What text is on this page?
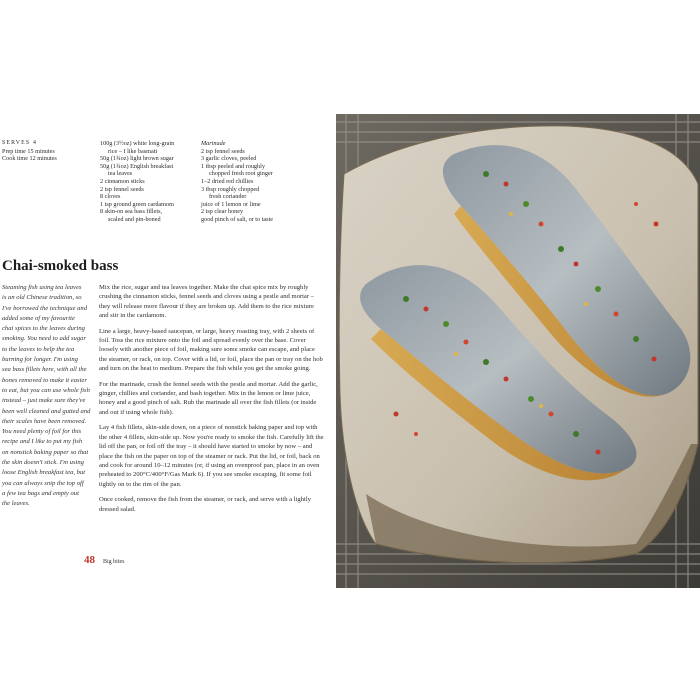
SERVES 4
Prep time 15 minutes
Cook time 12 minutes
100g (3½oz) white long-grain
rice – I like basmati
50g (1¾oz) light brown sugar
50g (1¾oz) English breakfast
tea leaves
2 cinnamon sticks
2 tsp fennel seeds
8 cloves
1 tsp ground green cardamom
8 skin-on sea bass fillets,
scaled and pin-boned
Marinade
2 tsp fennel seeds
3 garlic cloves, peeled
1 tbsp peeled and roughly
chopped fresh root ginger
1–2 dried red chillies
3 tbsp roughly chopped
fresh coriander
juice of 1 lemon or lime
2 tsp clear honey
good pinch of salt, or to taste
Chai-smoked bass
Steaming fish using tea leaves
is an old Chinese tradition, so
I've borrowed the technique and
added some of my favourite
chai spices to the leaves during
smoking. You need to add sugar
to the leaves to help the tea
burning for longer. I'm using
sea bass fillets here, with all the
bones removed to make it easier
to eat, but you can use whole fish
instead – just make sure they've
been well cleaned and gutted and
their scales have been removed.
You need plenty of foil for this
recipe and I like to put my fish
on nonstick baking paper so that
the skin doesn't stick. I'm using
loose English breakfast tea, but
you can always snip the top off
a few tea bags and empty out
the leaves.

Mix the rice, sugar and tea leaves together. Make the chai spice mix by roughly crushing the cinnamon sticks, fennel seeds and cloves using a pestle and mortar – they will release more flavour if they are broken up. Add them to the rice mixture and stir in the cardamom.

Line a large, heavy-based saucepan, or large, heavy roasting tray, with 2 sheets of foil. Toss the rice mixture onto the foil and spread evenly over the base. Cover loosely with another piece of foil, making sure some smoke can escape, and place the steamer, or rack, on top. Cover with a lid, or foil, place the pan or tray on the hob and turn on the heat to medium. Prepare the fish while you get the smoke going.

For the marinade, crush the fennel seeds with the pestle and mortar. Add the garlic, ginger, chillies and coriander, and bash together. Mix in the lemon or lime juice, honey and a good pinch of salt. Rub the marinade all over the fish fillets (or inside and out if using whole fish).

Lay 4 fish fillets, skin-side down, on a piece of nonstick baking paper and top with the other 4 fillets, skin-side up. Now you're ready to smoke the fish. Carefully lift the lid off the pan, or foil off the tray – it should have started to smoke by now – and place the fish on the paper on top of the steamer or rack. Put the lid, or foil, back on and cook for around 10–12 minutes (or, if using an ovenproof pan, place in an oven preheated to 200°C/400°F/Gas Mark 6). If you see smoke escaping, fit some foil tightly on to the rim of the pan.

Once cooked, remove the fish from the steamer, or rack, and serve with a lightly dressed salad.

48 Big bites
